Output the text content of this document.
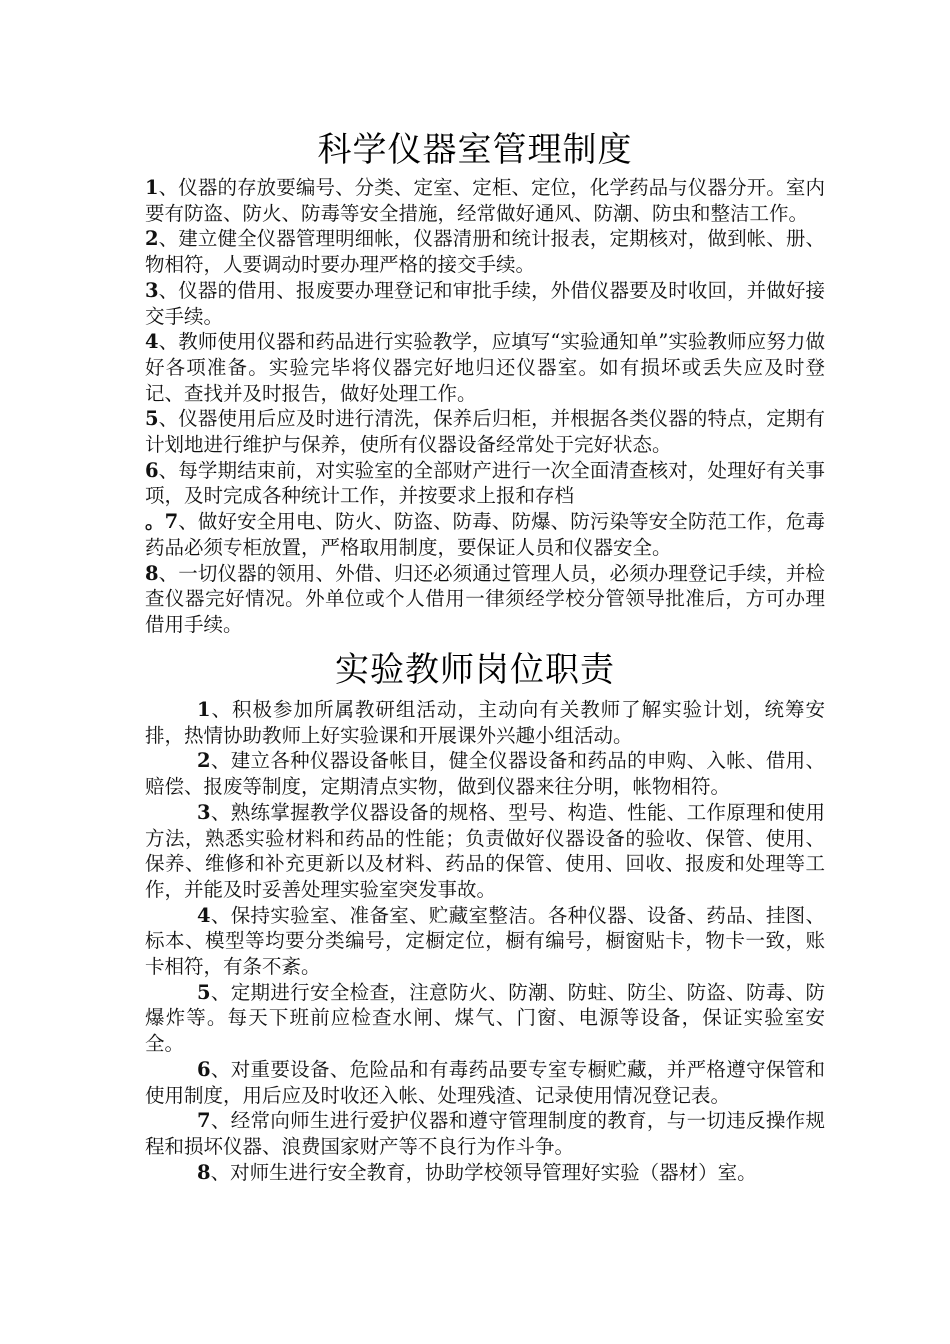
科学仪器室管理制度

1、仪器的存放要编号、分类、定室、定柜、定位，化学药品与仪器分开。室内要有防盗、防火、防毒等安全措施，经常做好通风、防潮、防虫和整洁工作。

2、建立健全仪器管理明细帐，仪器清册和统计报表，定期核对，做到帐、册、物相符，人要调动时要办理严格的接交手续。

3、仪器的借用、报废要办理登记和审批手续，外借仪器要及时收回，并做好接交手续。

4、教师使用仪器和药品进行实验教学，应填写“实验通知单”实验教师应努力做好各项准备。实验完毕将仪器完好地归还仪器室。如有损坏或丢失应及时登记、查找并及时报告，做好处理工作。

5、仪器使用后应及时进行清洗，保养后归柜，并根据各类仪器的特点，定期有计划地进行维护与保养，使所有仪器设备经常处于完好状态。

6、每学期结束前，对实验室的全部财产进行一次全面清查核对，处理好有关事项，及时完成各种统计工作，并按要求上报和存档

。7、做好安全用电、防火、防盗、防毒、防爆、防污染等安全防范工作，危毒药品必须专柜放置，严格取用制度，要保证人员和仪器安全。

8、一切仪器的领用、外借、归还必须通过管理人员，必须办理登记手续，并检查仪器完好情况。外单位或个人借用一律须经学校分管领导批准后，方可办理借用手续。

实验教师岗位职责

1、积极参加所属教研组活动，主动向有关教师了解实验计划，统筹安排，热情协助教师上好实验课和开展课外兴趣小组活动。

2、建立各种仪器设备帐目，健全仪器设备和药品的申购、入帐、借用、赔偿、报废等制度，定期清点实物，做到仪器来往分明，帐物相符。

3、熟练掌握教学仪器设备的规格、型号、构造、性能、工作原理和使用方法，熟悉实验材料和药品的性能；负责做好仪器设备的验收、保管、使用、保养、维修和补充更新以及材料、药品的保管、使用、回收、报废和处理等工作，并能及时妥善处理实验室突发事故。

4、保持实验室、准备室、贮藏室整洁。各种仪器、设备、药品、挂图、标本、模型等均要分类编号，定橱定位，橱有编号，橱窗贴卡，物卡一致，账卡相符，有条不紊。

5、定期进行安全检查，注意防火、防潮、防蛀、防尘、防盗、防毒、防爆炸等。每天下班前应检查水闸、煤气、门窗、电源等设备，保证实验室安全。

6、对重要设备、危险品和有毒药品要专室专橱贮藏，并严格遵守保管和使用制度，用后应及时收还入帐、处理残渣、记录使用情况登记表。

7、经常向师生进行爱护仪器和遵守管理制度的教育，与一切违反操作规程和损坏仪器、浪费国家财产等不良行为作斗争。

8、对师生进行安全教育，协助学校领导管理好实验（器材）室。
